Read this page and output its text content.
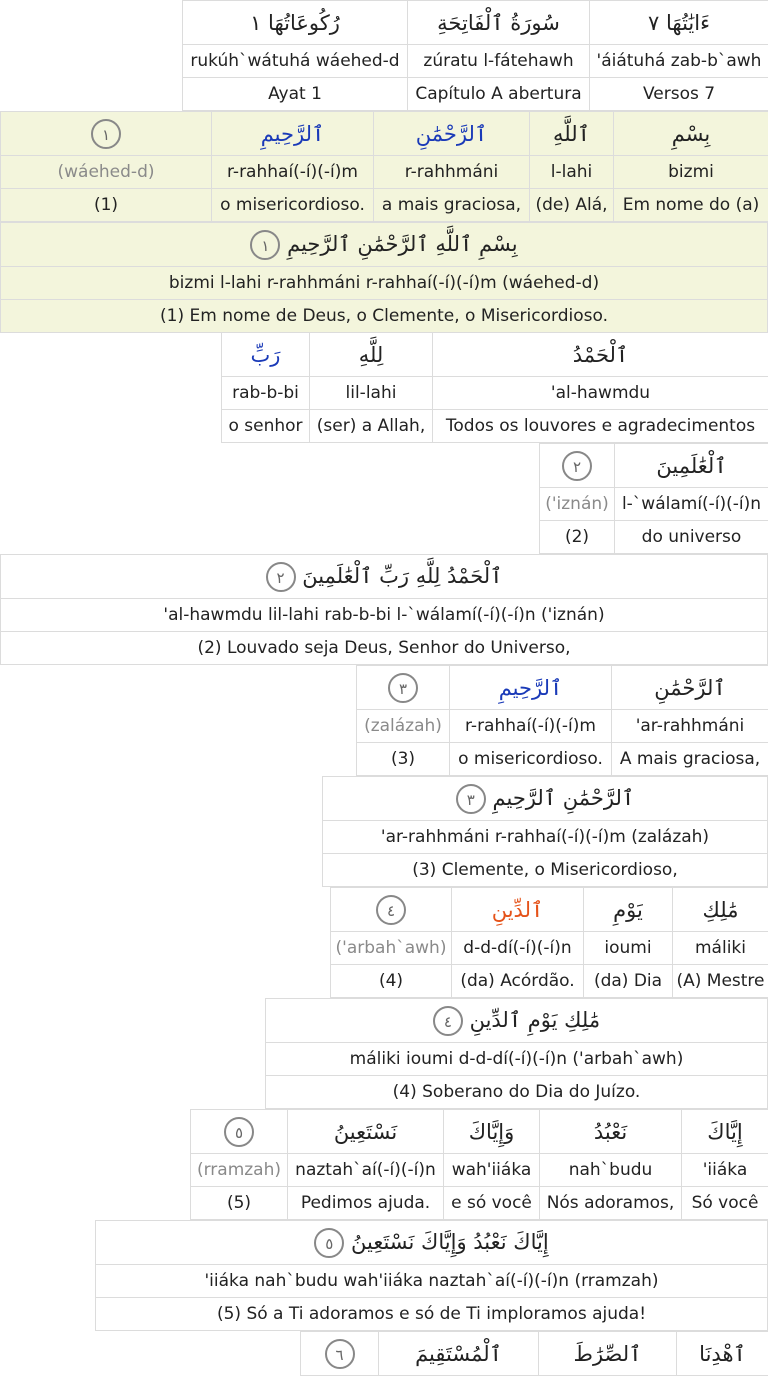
رُكُوعَاتُهَا ١	سُورَةُ ٱلْفَاتِحَةِ	ءَايَٰتُهَا ٧
rukúh`wátuhá wáehed-d	zúratu l-fátehawh	'áiátuhá zab-b`awh
Ayat 1	Capítulo A abertura	Versos 7
١	ٱلرَّحِيمِ	ٱلرَّحْمَٰنِ	ٱللَّهِ	بِسْمِ
(wáehed-d)	r-rahhaí(-í)(-í)m	r-rahhmáni	l-lahi	bizmi
(1)	o misericordioso.	a mais graciosa,	(de) Alá,	Em nome do (a)
بِسْمِ ٱللَّهِ ٱلرَّحْمَٰنِ ٱلرَّحِيمِ ١
bizmi l-lahi r-rahhmáni r-rahhaí(-í)(-í)m (wáehed-d)
(1) Em nome de Deus, o Clemente, o Misericordioso.
رَبِّ	لِلَّهِ	ٱلْحَمْدُ
rab-b-bi	lil-lahi	'al-hawmdu
o senhor	(ser) a Allah,	Todos os louvores e agradecimentos
٢	ٱلْعَٰلَمِينَ
('iznán)	l-`wálamí(-í)(-í)n
(2)	do universo
ٱلْحَمْدُ لِلَّهِ رَبِّ ٱلْعَٰلَمِينَ ٢
'al-hawmdu lil-lahi rab-b-bi l-`wálamí(-í)(-í)n ('iznán)
(2) Louvado seja Deus, Senhor do Universo,
٣	ٱلرَّحِيمِ	ٱلرَّحْمَٰنِ
(zalázah)	r-rahhaí(-í)(-í)m	'ar-rahhmáni
(3)	o misericordioso.	A mais graciosa,
ٱلرَّحْمَٰنِ ٱلرَّحِيمِ ٣
'ar-rahhmáni r-rahhaí(-í)(-í)m (zalázah)
(3) Clemente, o Misericordioso,
٤	ٱلدِّينِ	يَوْمِ	مَٰلِكِ
('arbah`awh)	d-d-dí(-í)(-í)n	ioumi	máliki
(4)	(da) Acórdão.	(da) Dia	(A) Mestre
مَٰلِكِ يَوْمِ ٱلدِّينِ ٤
máliki ioumi d-d-dí(-í)(-í)n ('arbah`awh)
(4) Soberano do Dia do Juízo.
٥	نَسْتَعِينُ	وَإِيَّاكَ	نَعْبُدُ	إِيَّاكَ
(rramzah)	naztah`aí(-í)(-í)n	wah'iiáka	nah`budu	'iiáka
(5)	Pedimos ajuda.	e só você	Nós adoramos,	Só você
إِيَّاكَ نَعْبُدُ وَإِيَّاكَ نَسْتَعِينُ ٥
'iiáka nah`budu wah'iiáka naztah`aí(-í)(-í)n (rramzah)
(5) Só a Ti adoramos e só de Ti imploramos ajuda!
٦	ٱلْمُسْتَقِيمَ	ٱلصِّرَٰطَ	ٱهْدِنَا
